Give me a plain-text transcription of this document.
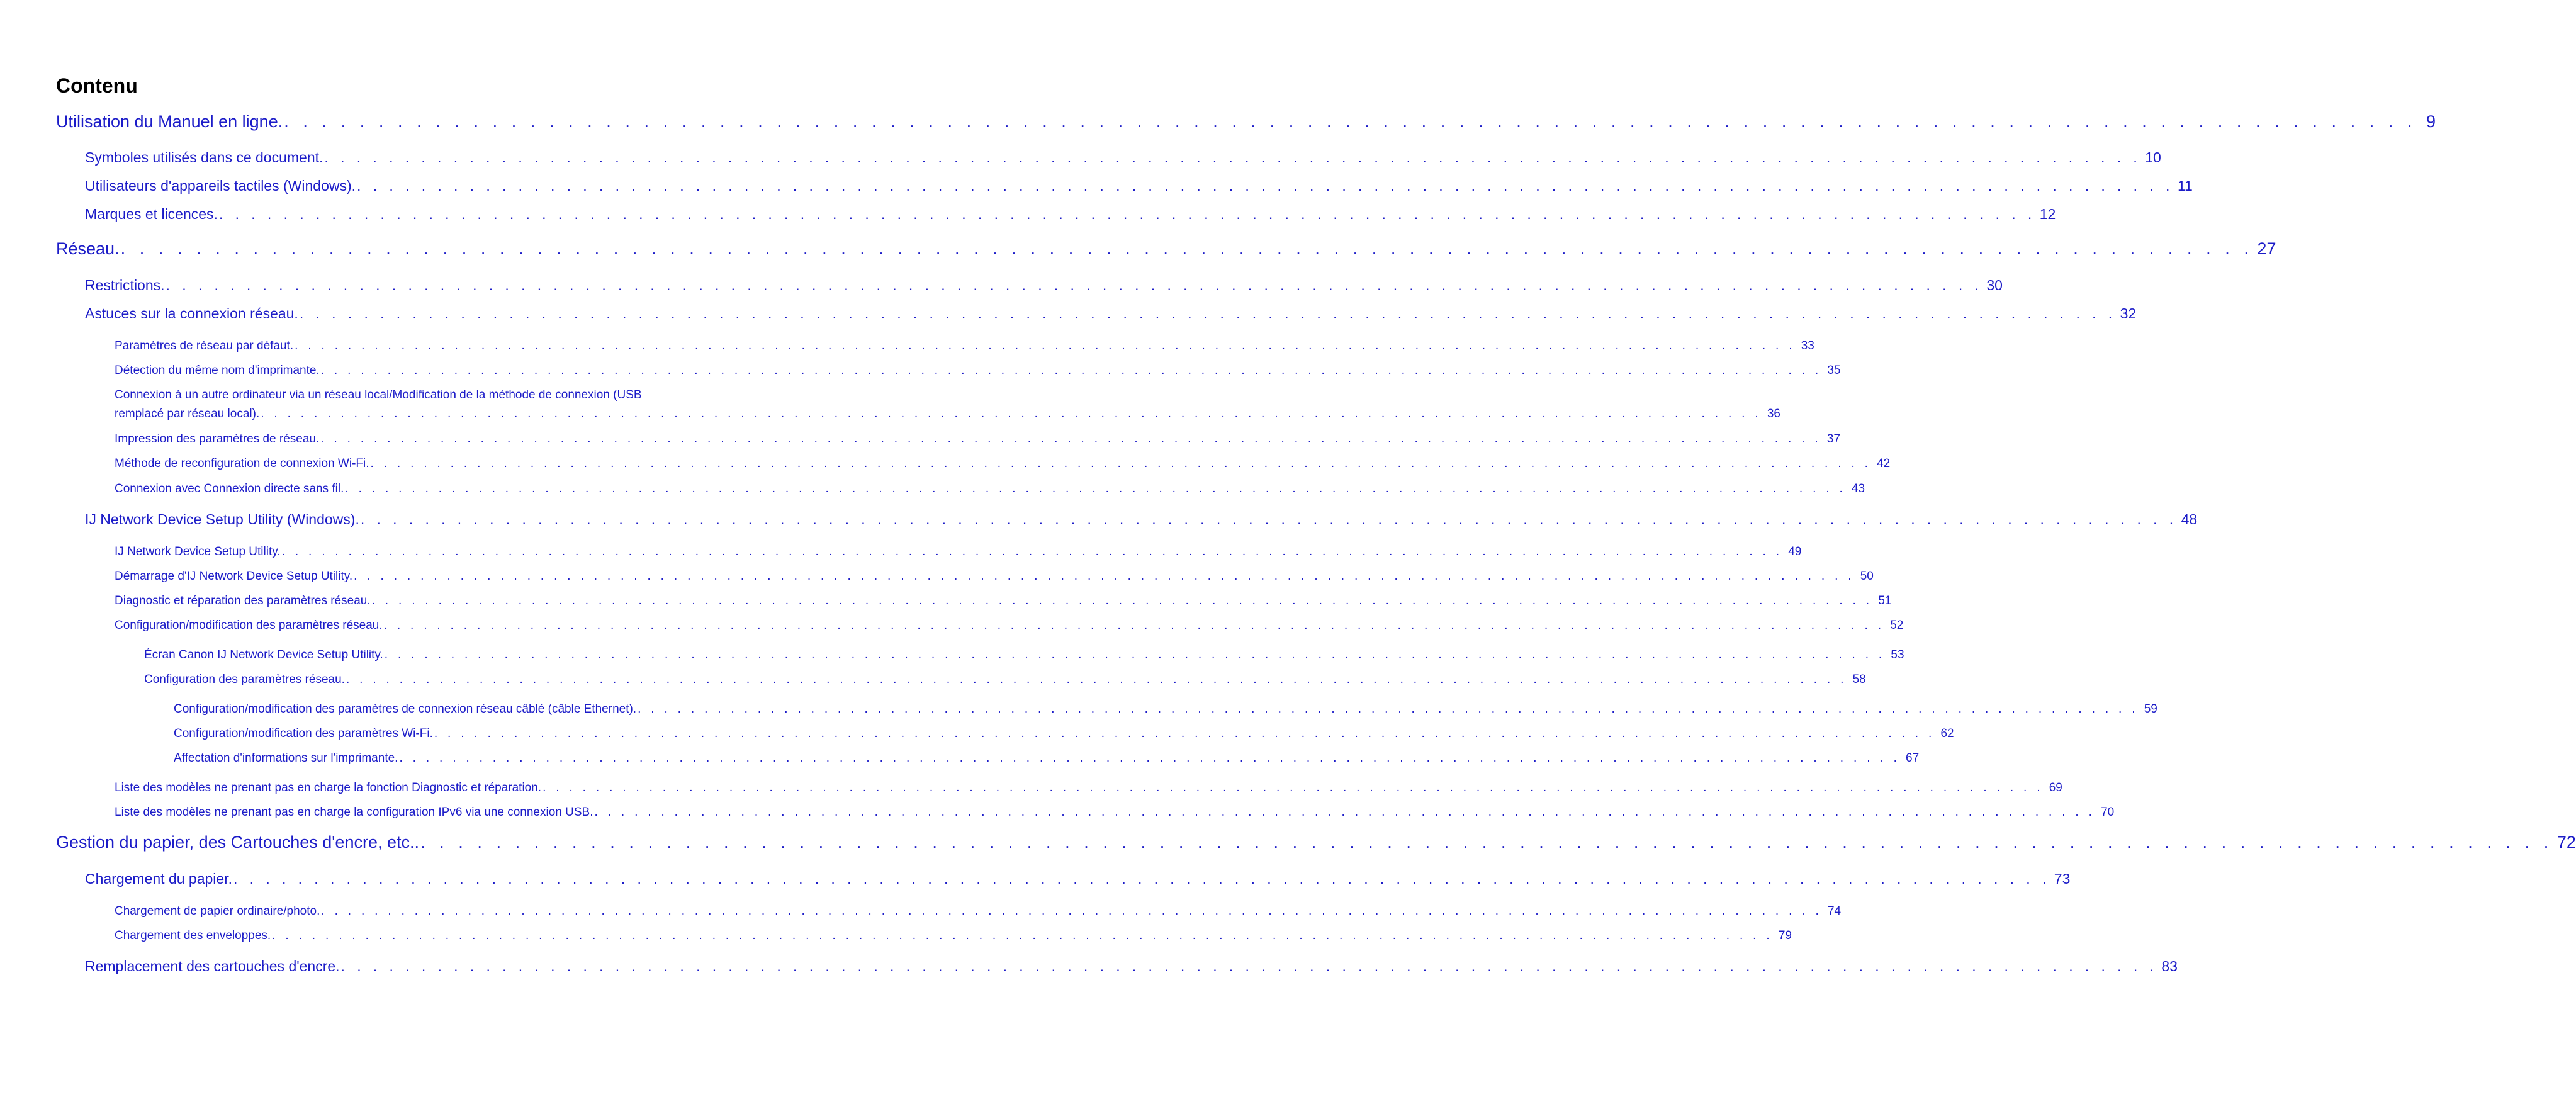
Contenu
Utilisation du Manuel en ligne. . . . . . . . . . . . . . . . . . . . . . . . . . . . . . . . . . . . . . . . . . . . . . . . . . . . . . . . . . . . . . . . . . . . . . . . . . . . . . . . . . . . . . . . . . . . . . . . . . . . . . . . . . . . . . . . . . 9
Symboles utilisés dans ce document. . . . . . . . . . . . . . . . . . . . . . . . . . . . . . . . . . . . . . . . . . . . . . . . . . . . . . . . . . . . . . . . . . . . . . . . . . . . . . . . . . . . . . . . . . . . . . . . . . . . . . . . . . . . . . . . . . 10
Utilisateurs d'appareils tactiles (Windows). . . . . . . . . . . . . . . . . . . . . . . . . . . . . . . . . . . . . . . . . . . . . . . . . . . . . . . . . . . . . . . . . . . . . . . . . . . . . . . . . . . . . . . . . . . . . . . . . . . . . . . . . . . . . . . . . . 11
Marques et licences. . . . . . . . . . . . . . . . . . . . . . . . . . . . . . . . . . . . . . . . . . . . . . . . . . . . . . . . . . . . . . . . . . . . . . . . . . . . . . . . . . . . . . . . . . . . . . . . . . . . . . . . . . . . . . . . . . 12
Réseau. . . . . . . . . . . . . . . . . . . . . . . . . . . . . . . . . . . . . . . . . . . . . . . . . . . . . . . . . . . . . . . . . . . . . . . . . . . . . . . . . . . . . . . . . . . . . . . . . . . . . . . . . . . . . . . . . . 27
Restrictions. . . . . . . . . . . . . . . . . . . . . . . . . . . . . . . . . . . . . . . . . . . . . . . . . . . . . . . . . . . . . . . . . . . . . . . . . . . . . . . . . . . . . . . . . . . . . . . . . . . . . . . . . . . . . . . . . . 30
Astuces sur la connexion réseau. . . . . . . . . . . . . . . . . . . . . . . . . . . . . . . . . . . . . . . . . . . . . . . . . . . . . . . . . . . . . . . . . . . . . . . . . . . . . . . . . . . . . . . . . . . . . . . . . . . . . . . . . . . . . . . . . . 32
Paramètres de réseau par défaut. . . . . . . . . . . . . . . . . . . . . . . . . . . . . . . . . . . . . . . . . . . . . . . . . . . . . . . . . . . . . . . . . . . . . . . . . . . . . . . . . . . . . . . . . . . . . . . . . . . . . . . . . . . . . . . . . . 33
Détection du même nom d'imprimante. . . . . . . . . . . . . . . . . . . . . . . . . . . . . . . . . . . . . . . . . . . . . . . . . . . . . . . . . . . . . . . . . . . . . . . . . . . . . . . . . . . . . . . . . . . . . . . . . . . . . . . . . . . . . . . . . . 35
Connexion à un autre ordinateur via un réseau local/Modification de la méthode de connexion (USB
remplacé par réseau local). . . . . . . . . . . . . . . . . . . . . . . . . . . . . . . . . . . . . . . . . . . . . . . . . . . . . . . . . . . . . . . . . . . . . . . . . . . . . . . . . . . . . . . . . . . . . . . . . . . . . . . . . . . . . . . . . . 36
Impression des paramètres de réseau. . . . . . . . . . . . . . . . . . . . . . . . . . . . . . . . . . . . . . . . . . . . . . . . . . . . . . . . . . . . . . . . . . . . . . . . . . . . . . . . . . . . . . . . . . . . . . . . . . . . . . . . . . . . . . . . . . 37
Méthode de reconfiguration de connexion Wi-Fi. . . . . . . . . . . . . . . . . . . . . . . . . . . . . . . . . . . . . . . . . . . . . . . . . . . . . . . . . . . . . . . . . . . . . . . . . . . . . . . . . . . . . . . . . . . . . . . . . . . . . . . . . . . . . . . . . . 42
Connexion avec Connexion directe sans fil. . . . . . . . . . . . . . . . . . . . . . . . . . . . . . . . . . . . . . . . . . . . . . . . . . . . . . . . . . . . . . . . . . . . . . . . . . . . . . . . . . . . . . . . . . . . . . . . . . . . . . . . . . . . . . . . . . 43
IJ Network Device Setup Utility (Windows). . . . . . . . . . . . . . . . . . . . . . . . . . . . . . . . . . . . . . . . . . . . . . . . . . . . . . . . . . . . . . . . . . . . . . . . . . . . . . . . . . . . . . . . . . . . . . . . . . . . . . . . . . . . . . . . . . 48
IJ Network Device Setup Utility. . . . . . . . . . . . . . . . . . . . . . . . . . . . . . . . . . . . . . . . . . . . . . . . . . . . . . . . . . . . . . . . . . . . . . . . . . . . . . . . . . . . . . . . . . . . . . . . . . . . . . . . . . . . . . . . . . 49
Démarrage d'IJ Network Device Setup Utility. . . . . . . . . . . . . . . . . . . . . . . . . . . . . . . . . . . . . . . . . . . . . . . . . . . . . . . . . . . . . . . . . . . . . . . . . . . . . . . . . . . . . . . . . . . . . . . . . . . . . . . . . . . . . . . . . . 50
Diagnostic et réparation des paramètres réseau. . . . . . . . . . . . . . . . . . . . . . . . . . . . . . . . . . . . . . . . . . . . . . . . . . . . . . . . . . . . . . . . . . . . . . . . . . . . . . . . . . . . . . . . . . . . . . . . . . . . . . . . . . . . . . . . . . 51
Configuration/modification des paramètres réseau. . . . . . . . . . . . . . . . . . . . . . . . . . . . . . . . . . . . . . . . . . . . . . . . . . . . . . . . . . . . . . . . . . . . . . . . . . . . . . . . . . . . . . . . . . . . . . . . . . . . . . . . . . . . . . . . . . 52
Écran Canon IJ Network Device Setup Utility. . . . . . . . . . . . . . . . . . . . . . . . . . . . . . . . . . . . . . . . . . . . . . . . . . . . . . . . . . . . . . . . . . . . . . . . . . . . . . . . . . . . . . . . . . . . . . . . . . . . . . . . . . . . . . . . . . 53
Configuration des paramètres réseau. . . . . . . . . . . . . . . . . . . . . . . . . . . . . . . . . . . . . . . . . . . . . . . . . . . . . . . . . . . . . . . . . . . . . . . . . . . . . . . . . . . . . . . . . . . . . . . . . . . . . . . . . . . . . . . . . . 58
Configuration/modification des paramètres de connexion réseau câblé (câble Ethernet). . . . . . . . . . . . . . . . . . . . . . . . . . . . . . . . . . . . . . . . . . . . . . . . . . . . . . . . . . . . . . . . . . . . . . . . . . . . . . . . . . . . . . . . . . . . . . . . . . . . . . . . . . . . . . . . . . 59
Configuration/modification des paramètres Wi-Fi. . . . . . . . . . . . . . . . . . . . . . . . . . . . . . . . . . . . . . . . . . . . . . . . . . . . . . . . . . . . . . . . . . . . . . . . . . . . . . . . . . . . . . . . . . . . . . . . . . . . . . . . . . . . . . . . . . 62
Affectation d'informations sur l'imprimante. . . . . . . . . . . . . . . . . . . . . . . . . . . . . . . . . . . . . . . . . . . . . . . . . . . . . . . . . . . . . . . . . . . . . . . . . . . . . . . . . . . . . . . . . . . . . . . . . . . . . . . . . . . . . . . . . . 67
Liste des modèles ne prenant pas en charge la fonction Diagnostic et réparation. . . . . . . . . . . . . . . . . . . . . . . . . . . . . . . . . . . . . . . . . . . . . . . . . . . . . . . . . . . . . . . . . . . . . . . . . . . . . . . . . . . . . . . . . . . . . . . . . . . . . . . . . . . . . . . . . . 69
Liste des modèles ne prenant pas en charge la configuration IPv6 via une connexion USB. . . . . . . . . . . . . . . . . . . . . . . . . . . . . . . . . . . . . . . . . . . . . . . . . . . . . . . . . . . . . . . . . . . . . . . . . . . . . . . . . . . . . . . . . . . . . . . . . . . . . . . . . . . . . . . . . . 70
Gestion du papier, des Cartouches d'encre, etc.. . . . . . . . . . . . . . . . . . . . . . . . . . . . . . . . . . . . . . . . . . . . . . . . . . . . . . . . . . . . . . . . . . . . . . . . . . . . . . . . . . . . . . . . . . . . . . . . . . . . . . . . . . . . . . . . . . 72
Chargement du papier. . . . . . . . . . . . . . . . . . . . . . . . . . . . . . . . . . . . . . . . . . . . . . . . . . . . . . . . . . . . . . . . . . . . . . . . . . . . . . . . . . . . . . . . . . . . . . . . . . . . . . . . . . . . . . . . . . 73
Chargement de papier ordinaire/photo. . . . . . . . . . . . . . . . . . . . . . . . . . . . . . . . . . . . . . . . . . . . . . . . . . . . . . . . . . . . . . . . . . . . . . . . . . . . . . . . . . . . . . . . . . . . . . . . . . . . . . . . . . . . . . . . . . 74
Chargement des enveloppes. . . . . . . . . . . . . . . . . . . . . . . . . . . . . . . . . . . . . . . . . . . . . . . . . . . . . . . . . . . . . . . . . . . . . . . . . . . . . . . . . . . . . . . . . . . . . . . . . . . . . . . . . . . . . . . . . . 79
Remplacement des cartouches d'encre. . . . . . . . . . . . . . . . . . . . . . . . . . . . . . . . . . . . . . . . . . . . . . . . . . . . . . . . . . . . . . . . . . . . . . . . . . . . . . . . . . . . . . . . . . . . . . . . . . . . . . . . . . . . . . . . . . 83
